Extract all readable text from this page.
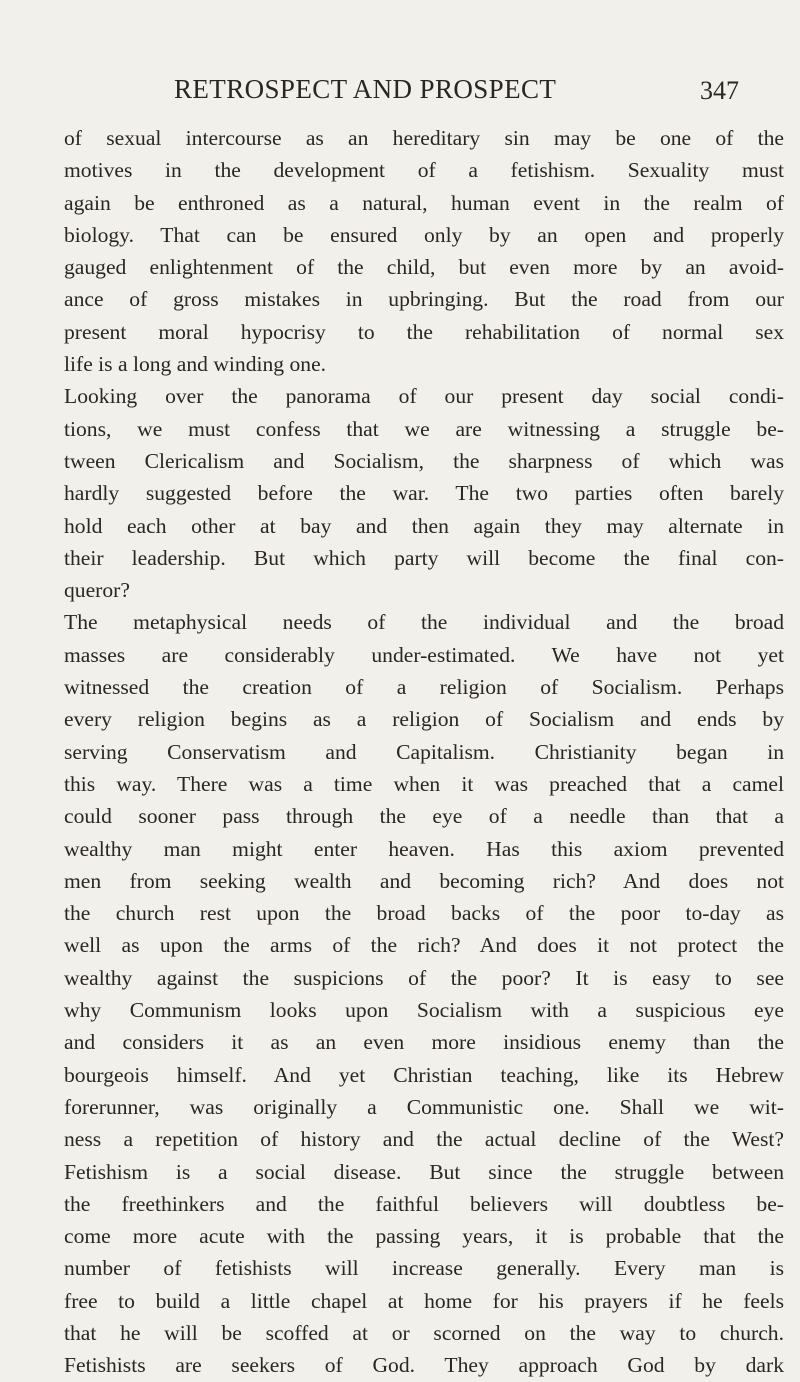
RETROSPECT AND PROSPECT	347
of sexual intercourse as an hereditary sin may be one of the
motives in the development of a fetishism. Sexuality must
again be enthroned as a natural, human event in the realm of
biology. That can be ensured only by an open and properly
gauged enlightenment of the child, but even more by an avoid-
ance of gross mistakes in upbringing. But the road from our
present moral hypocrisy to the rehabilitation of normal sex
life is a long and winding one.
Looking over the panorama of our present day social condi-
tions, we must confess that we are witnessing a struggle be-
tween Clericalism and Socialism, the sharpness of which was
hardly suggested before the war. The two parties often barely
hold each other at bay and then again they may alternate in
their leadership. But which party will become the final con-
queror?
The metaphysical needs of the individual and the broad
masses are considerably under-estimated. We have not yet
witnessed the creation of a religion of Socialism. Perhaps
every religion begins as a religion of Socialism and ends by
serving Conservatism and Capitalism. Christianity began in
this way. There was a time when it was preached that a camel
could sooner pass through the eye of a needle than that a
wealthy man might enter heaven. Has this axiom prevented
men from seeking wealth and becoming rich? And does not
the church rest upon the broad backs of the poor to-day as
well as upon the arms of the rich? And does it not protect the
wealthy against the suspicions of the poor? It is easy to see
why Communism looks upon Socialism with a suspicious eye
and considers it as an even more insidious enemy than the
bourgeois himself. And yet Christian teaching, like its Hebrew
forerunner, was originally a Communistic one. Shall we wit-
ness a repetition of history and the actual decline of the West?
Fetishism is a social disease. But since the struggle between
the freethinkers and the faithful believers will doubtless be-
come more acute with the passing years, it is probable that the
number of fetishists will increase generally. Every man is
free to build a little chapel at home for his prayers if he feels
that he will be scoffed at or scorned on the way to church.
Fetishists are seekers of God. They approach God by dark
